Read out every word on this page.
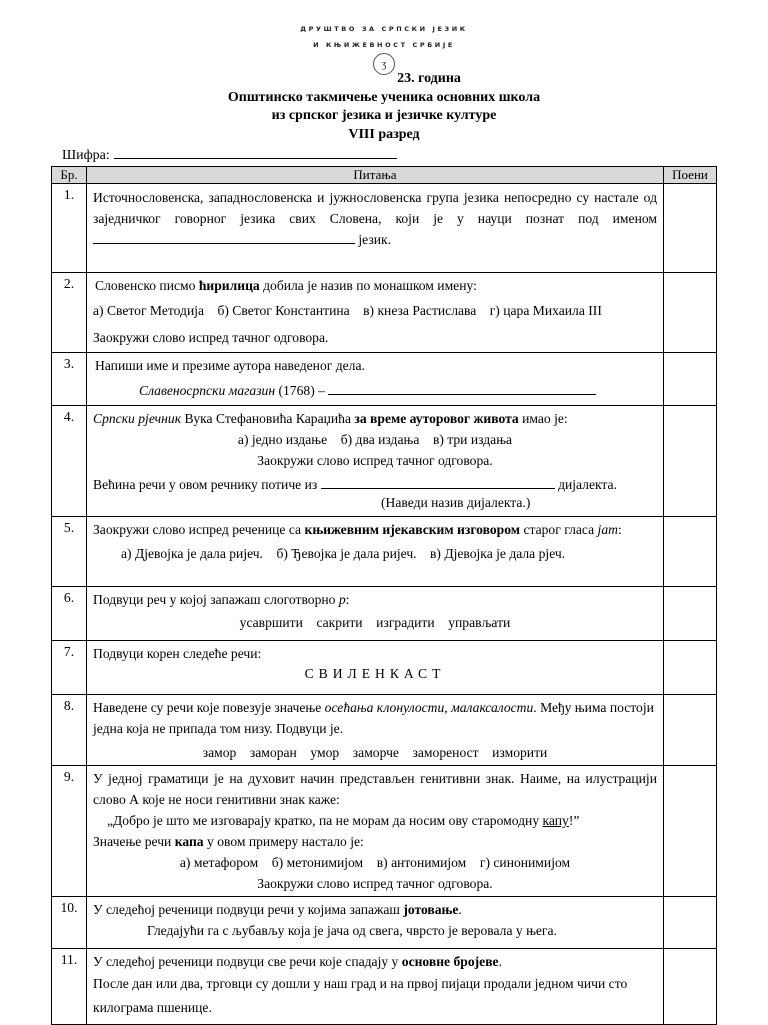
ДРУШТВО ЗА СРПСКИ ЈЕЗИК
И КЊИЖЕВНОСТ СРБИЈЕ
ʒ
23. година
Општинско такмичење ученика основних школа
из српског језика и језичке културе
VIII разред
Шифра:
Бр.	Питања	Поени
1.	Источнословенска, западнословенска и јужнословенска група језика непосредно су настале од заједничког говорног језика свих Словена, који је у науци познат под именом  језик.	

2.	Словенско писмо ћирилица добила је назив по монашком имену:
а) Светог Методија б) Светог Константина в) кнеза Растислава г) цара Михаила III
Заокружи слово испред тачног одговора.	

3.	Напиши име и презиме аутора наведеног дела.
Славеносрпски магазин (1768) –	

4.	Српски рјечник Вука Стефановића Караџића за време ауторовог живота имао је:
а) једно издање    б) два издања    в) три издања
Заокружи слово испред тачног одговора.
Већина речи у овом речнику потиче из дијалекта.
(Наведи назив дијалекта.)	

5.	Заокружи слово испред реченице са књижевним ијекавским изговором старог гласа јат:
а) Дјевојка је дала ријеч. б) Ђевојка је дала ријеч. в) Дјевојка је дала рјеч.	

6.	Подвуци реч у којој запажаш слоготворно р:
усавршити    сакрити    изградити    управљати	

7.	Подвуци корен следеће речи:
СВИЛЕНКАСТ	

8.	Наведене су речи које повезује значење осећања клонулости, малаксалости. Међу њима постоји једна која не припада том низу. Подвуци је.
замор    заморан    умор    заморче    замореност    изморити	

9.	У једној граматици је на духовит начин представљен генитивни знак. Наиме, на илустрацији слово А које не носи генитивни знак каже:
„Добро је што ме изговарају кратко, па не морам да носим ову старомодну капу!”
Значење речи капа у овом примеру настало је:
а) метафором    б) метонимијом    в) антонимијом    г) синонимијом
Заокружи слово испред тачног одговора.	

10.	У следећој реченици подвуци речи у којима запажаш јотовање.
Гледајући га с љубављу која је јача од свега, чврсто је веровала у њега.	

11.	У следећој реченици подвуци све речи које спадају у основне бројеве.
После дан или два, трговци су дошли у наш град и на првој пијаци продали једном чичи сто килограма пшенице.	
